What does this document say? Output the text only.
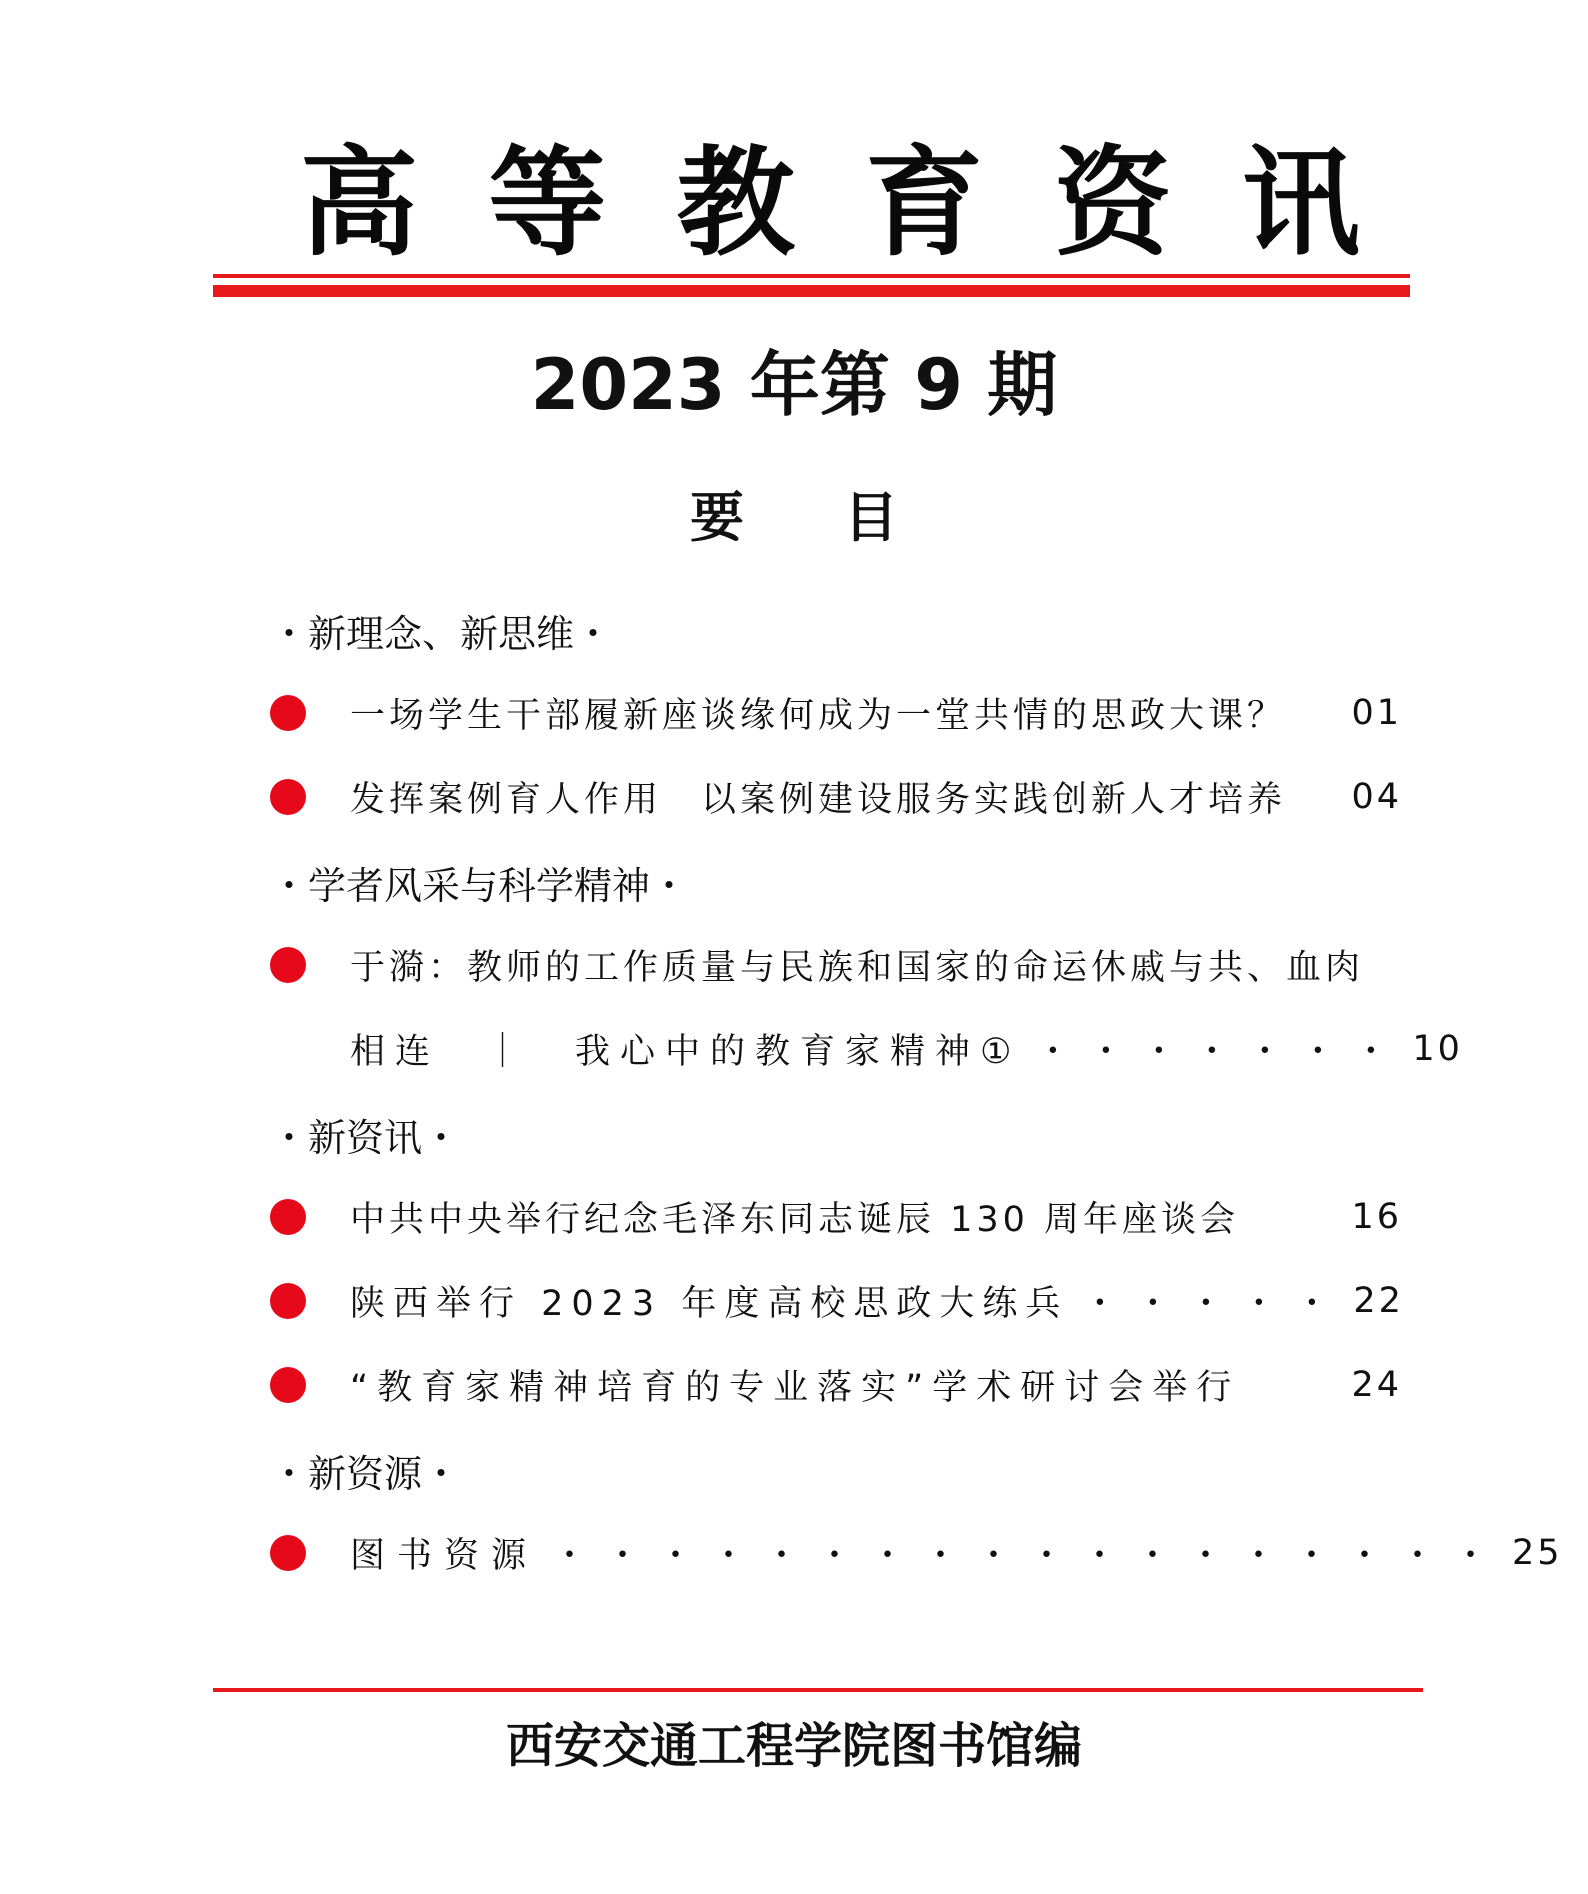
高 等 教 育 资 讯
2023 年第 9 期
要 目
・新理念、新思维・
一场学生干部履新座谈缘何成为一堂共情的思政大课？	01
发挥案例育人作用　以案例建设服务实践创新人才培养	04
・学者风采与科学精神・
于漪：教师的工作质量与民族和国家的命运休戚与共、血肉
相连　｜　我心中的教育家精神① ・・・・・・・ 10
・新资讯・
中共中央举行纪念毛泽东同志诞辰 130 周年座谈会	16
陕西举行 2023 年度高校思政大练兵 ・・・・・ 22
“教育家精神培育的专业落实”学术研讨会举行	24
・新资源・
图书资源 ・・・・・・・・・・・・・・・・・・ 25
西安交通工程学院图书馆编
